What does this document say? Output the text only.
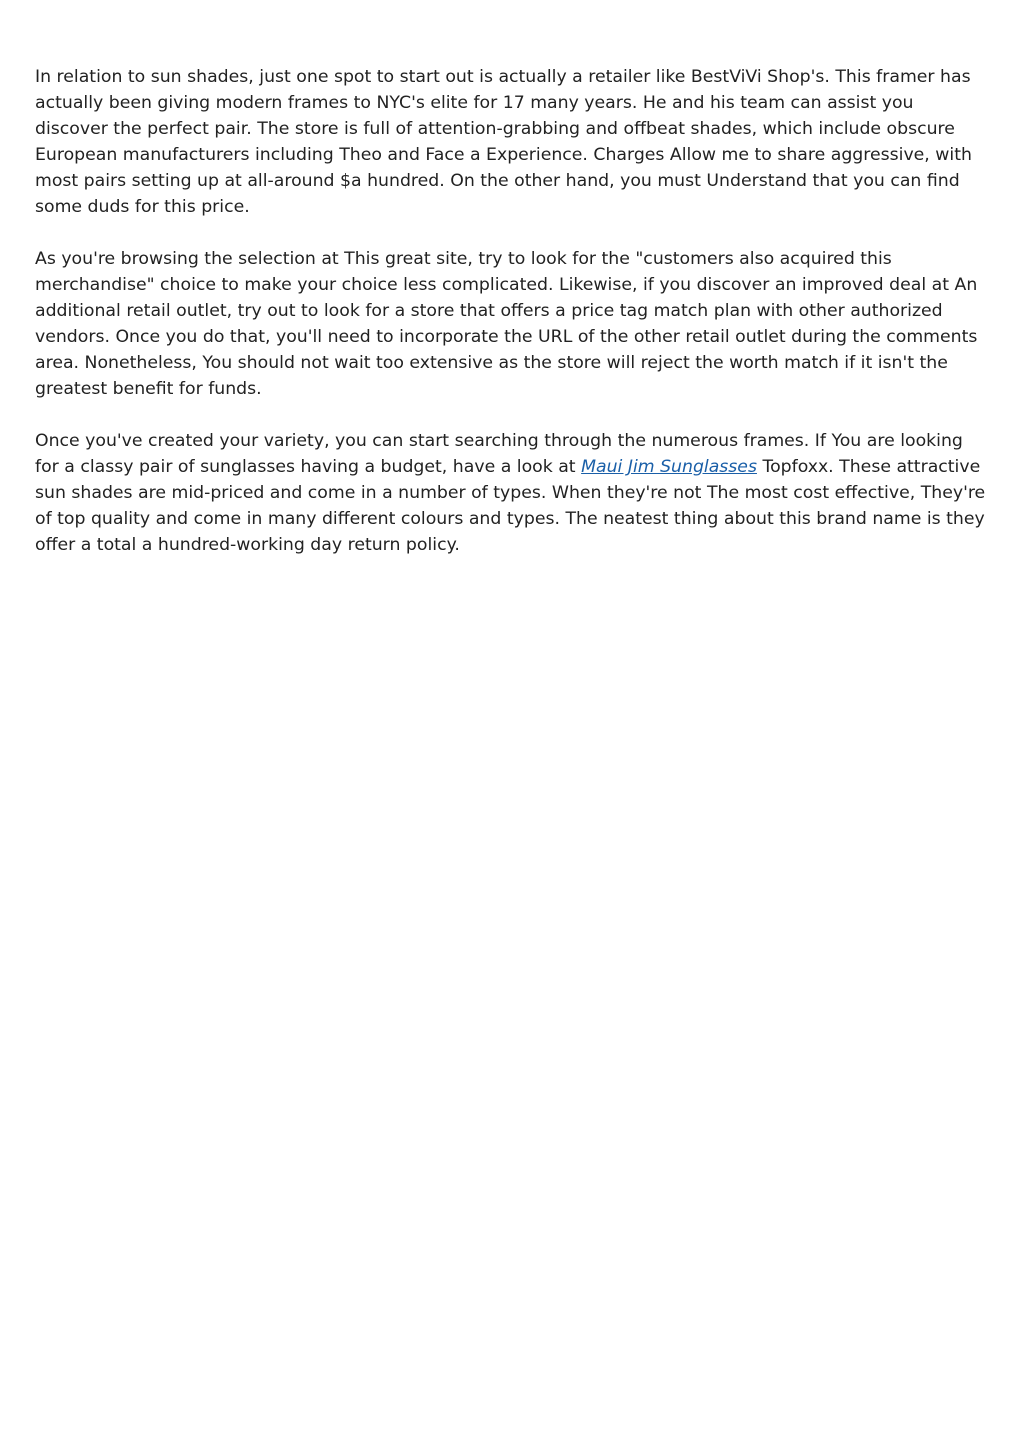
In relation to sun shades, just one spot to start out is actually a retailer like BestViVi Shop's. This framer has actually been giving modern frames to NYC's elite for 17 many years. He and his team can assist you discover the perfect pair. The store is full of attention-grabbing and offbeat shades, which include obscure European manufacturers including Theo and Face a Experience. Charges Allow me to share aggressive, with most pairs setting up at all-around $a hundred. On the other hand, you must Understand that you can find some duds for this price.

As you're browsing the selection at This great site, try to look for the "customers also acquired this merchandise" choice to make your choice less complicated. Likewise, if you discover an improved deal at An additional retail outlet, try out to look for a store that offers a price tag match plan with other authorized vendors. Once you do that, you'll need to incorporate the URL of the other retail outlet during the comments area. Nonetheless, You should not wait too extensive as the store will reject the worth match if it isn't the greatest benefit for funds.

Once you've created your variety, you can start searching through the numerous frames. If You are looking for a classy pair of sunglasses having a budget, have a look at Maui Jim Sunglasses Topfoxx. These attractive sun shades are mid-priced and come in a number of types. When they're not The most cost effective, They're of top quality and come in many different colours and types. The neatest thing about this brand name is they offer a total a hundred-working day return policy.
